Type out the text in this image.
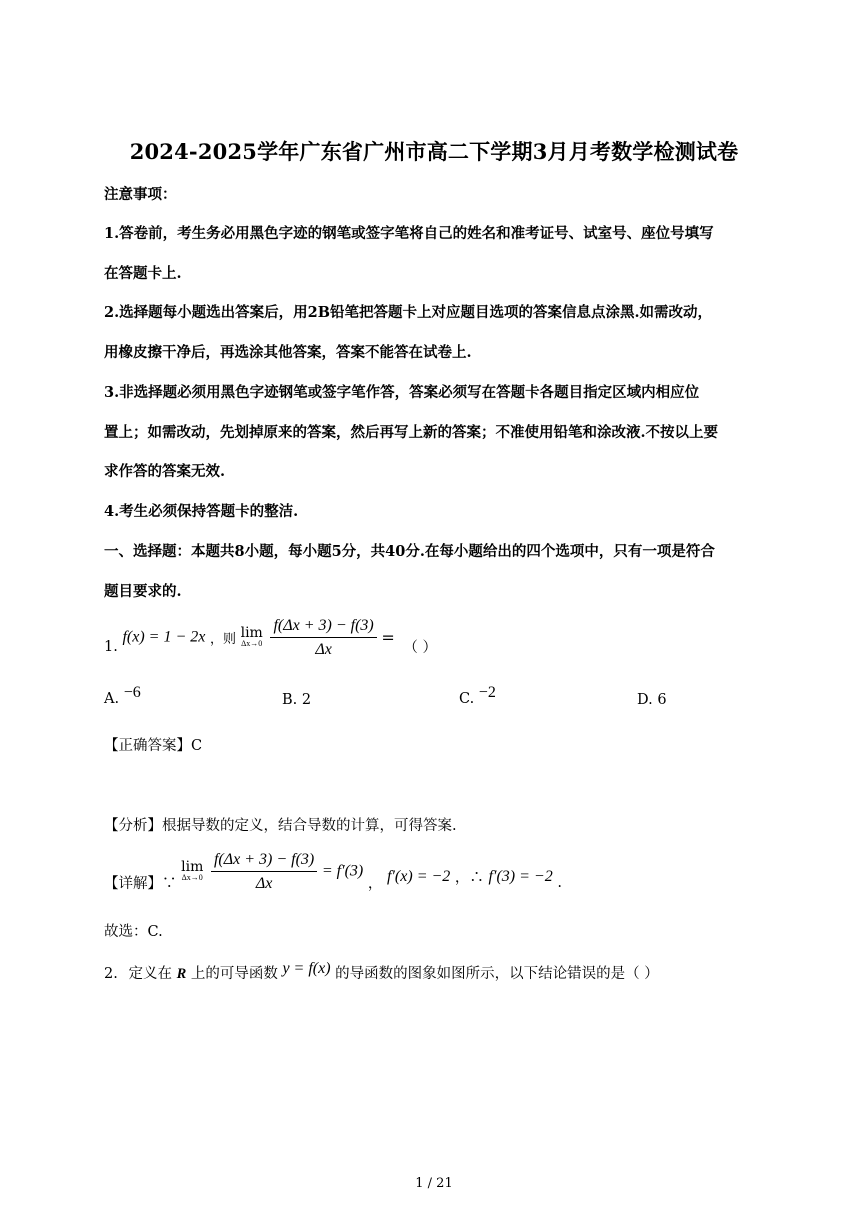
2024-2025学年广东省广州市高二下学期3月月考数学检测试卷
注意事项：
1.答卷前，考生务必用黑色字迹的钢笔或签字笔将自己的姓名和准考证号、试室号、座位号填写
在答题卡上.
2.选择题每小题选出答案后，用2B铅笔把答题卡上对应题目选项的答案信息点涂黑.如需改动，
用橡皮擦干净后，再选涂其他答案，答案不能答在试卷上.
3.非选择题必须用黑色字迹钢笔或签字笔作答，答案必须写在答题卡各题目指定区域内相应位
置上；如需改动，先划掉原来的答案，然后再写上新的答案；不准使用铅笔和涂改液.不按以上要
求作答的答案无效.
4.考生必须保持答题卡的整洁.
一、选择题：本题共8小题，每小题5分，共40分.在每小题给出的四个选项中，只有一项是符合
题目要求的.
1. f(x) = 1 − 2x ，则 lim
Δx→0
$\frac{f(\Delta x + 3) - f(3)}{\Delta x}$ = （ ）
A. −6	B. 2	C. −2	D. 6
【正确答案】C
【分析】根据导数的定义，结合导数的计算，可得答案.
【详解】∵
lim
Δx→0
$\frac{f(\Delta x + 3) - f(3)}{\Delta x} = f'(3)$ ， f′(x) = −2 ，∴ f′(3) = −2 .
故选：C.
2. 定义在 R 上的可导函数 y = f(x) 的导函数的图象如图所示，以下结论错误的是（ ）
1 / 21
